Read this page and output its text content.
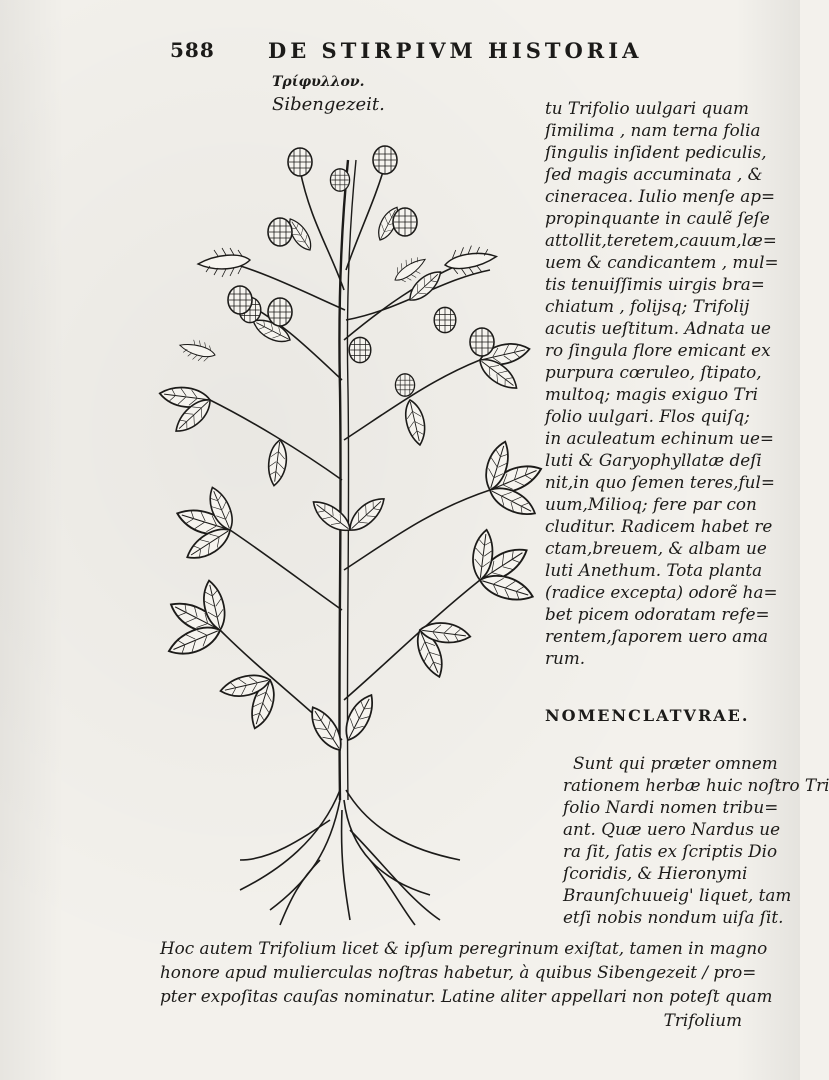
588	DE STIRPIVM HISTORIA
Τρίφυλλον.
Sibengezeit.	tu Trifolio uulgari quam
ſimilima , nam terna folia
ſingulis inſident pediculis,
ſed magis accuminata , &
cineracea. Iulio menſe ap=
propinquante in caulẽ ſeſe
attollit,teretem,cauum,læ=
uem & candicantem , mul=
tis tenuiſſimis uirgis bra=
chiatum , folijsq; Trifolij
acutis ueſtitum. Adnata ue
ro ſingula flore emicant ex
purpura cœruleo, ſtipato,
multoq; magis exiguo Tri
folio uulgari. Flos quiſq;
in aculeatum echinum ue=
luti & Garyophyllatæ deſi
nit,in quo ſemen teres,ful=
uum,Milioq; fere par con
cluditur. Radicem habet re
ctam,breuem, & albam ue
luti Anethum. Tota planta
(radice excepta) odorẽ ha=
bet picem odoratam refe=
rentem,ſaporem uero ama
rum.
NOMENCLATVRAE.
Sunt qui præter omnem
rationem herbæ huic noſtro Tri
folio Nardi nomen tribu=
ant. Quæ uero Nardus ue
ra ſit, ſatis ex ſcriptis Dio
ſcoridis, & Hieronymi
Braunſchuueig' liquet, tam
etſi nobis nondum uiſa ſit.
Hoc autem Trifolium licet & ipſum peregrinum exiſtat, tamen in magno
honore apud mulierculas noſtras habetur, à quibus Sibengezeit / pro=
pter expoſitas cauſas nominatur. Latine aliter appellari non poteſt quam
Trifolium
